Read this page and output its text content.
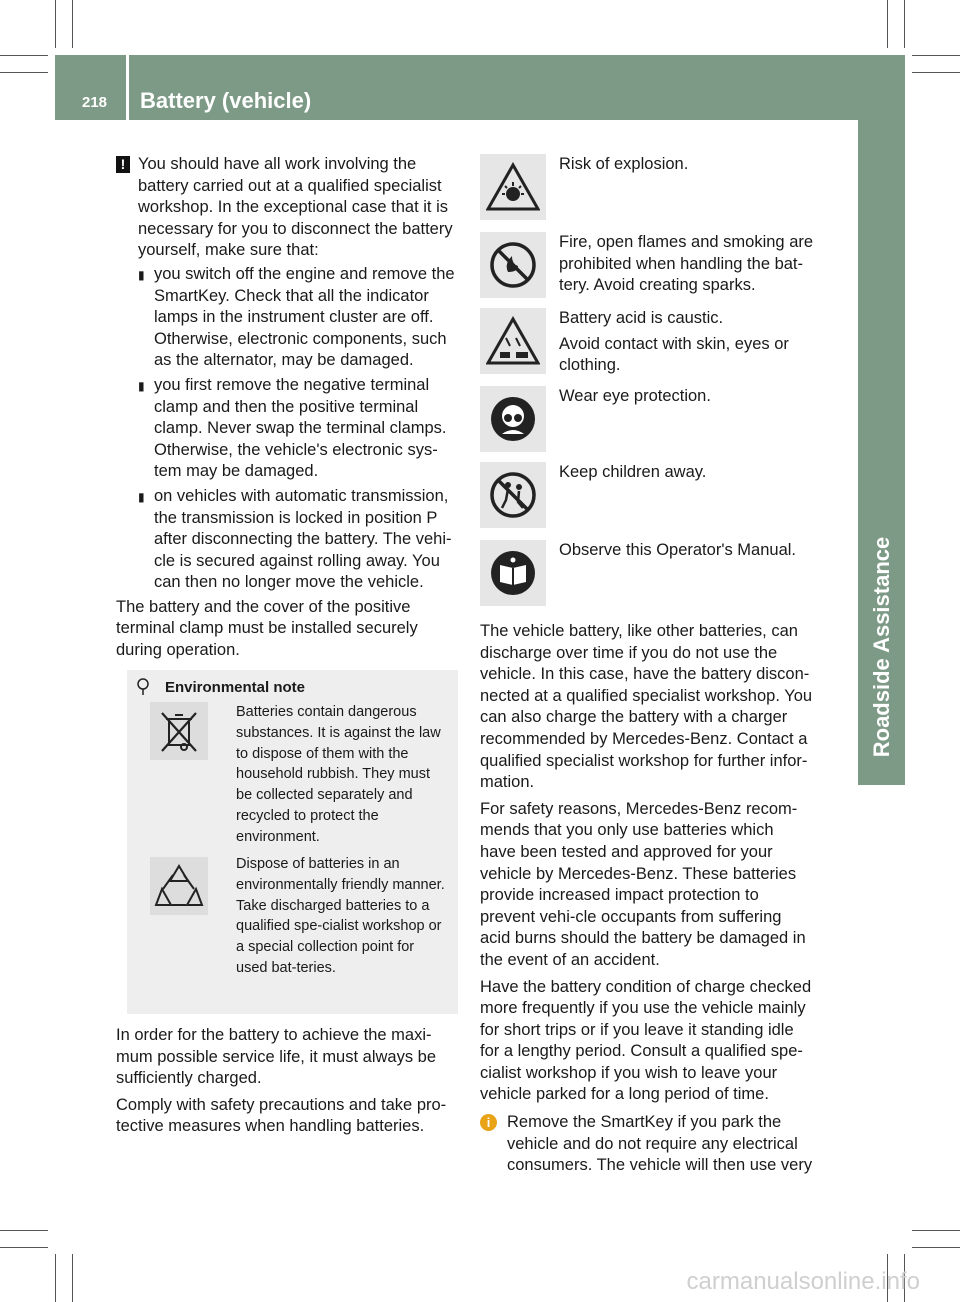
218 Battery (vehicle)
Roadside Assistance
! You should have all work involving the battery carried out at a qualified specialist workshop. In the exceptional case that it is necessary for you to disconnect the battery yourself, make sure that:
▮ you switch off the engine and remove the SmartKey. Check that all the indicator lamps in the instrument cluster are off. Otherwise, electronic components, such as the alternator, may be damaged.
▮ you first remove the negative terminal clamp and then the positive terminal clamp. Never swap the terminal clamps. Otherwise, the vehicle's electronic sys-tem may be damaged.
▮ on vehicles with automatic transmission, the transmission is locked in position P after disconnecting the battery. The vehi-cle is secured against rolling away. You can then no longer move the vehicle.
The battery and the cover of the positive terminal clamp must be installed securely during operation.
Environmental note
Batteries contain dangerous substances. It is against the law to dispose of them with the household rubbish. They must be collected separately and recycled to protect the environment.
Dispose of batteries in an environmentally friendly manner. Take discharged batteries to a qualified spe-cialist workshop or a special collection point for used bat-teries.

In order for the battery to achieve the maxi-mum possible service life, it must always be sufficiently charged.

Comply with safety precautions and take pro-tective measures when handling batteries.

Risk of explosion.

Fire, open flames and smoking are prohibited when handling the bat-tery. Avoid creating sparks.

Battery acid is caustic.

Avoid contact with skin, eyes or clothing.

Wear eye protection.

Keep children away.

Observe this Operator's Manual.

The vehicle battery, like other batteries, can discharge over time if you do not use the vehicle. In this case, have the battery discon-nected at a qualified specialist workshop. You can also charge the battery with a charger recommended by Mercedes-Benz. Contact a qualified specialist workshop for further infor-mation.

For safety reasons, Mercedes-Benz recom-mends that you only use batteries which have been tested and approved for your vehicle by Mercedes-Benz. These batteries provide increased impact protection to prevent vehi-cle occupants from suffering acid burns should the battery be damaged in the event of an accident.

Have the battery condition of charge checked more frequently if you use the vehicle mainly for short trips or if you leave it standing idle for a lengthy period. Consult a qualified spe-cialist workshop if you wish to leave your vehicle parked for a long period of time.

i	Remove the SmartKey if you park the vehicle and do not require any electrical consumers. The vehicle will then use very
carmanualsonline.info
